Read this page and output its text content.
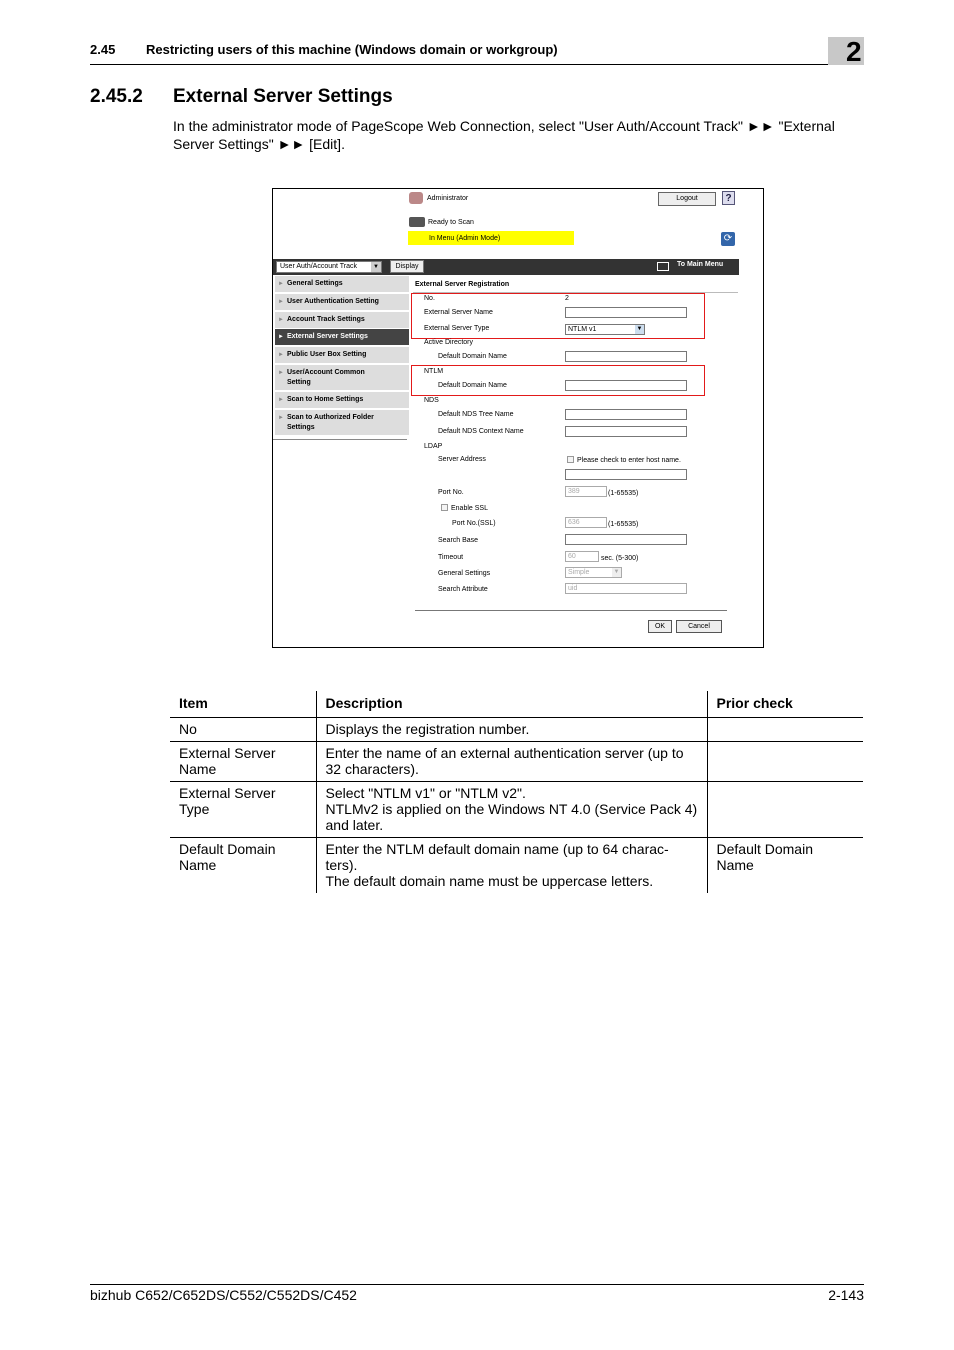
2.45 Restricting users of this machine (Windows domain or workgroup)	2
2.45.2 External Server Settings
In the administrator mode of PageScope Web Connection, select "User Auth/Account Track" ►► "External Server Settings" ►► [Edit].
Administrator	Logout	?
Ready to Scan
In Menu (Admin Mode)	⟳
User Auth/Account Track	▼	Display	To Main Menu
► General Settings
► User Authentication Setting
► Account Track Settings
► External Server Settings
► Public User Box Setting
► User/Account Common Setting
► Scan to Home Settings
► Scan to Authorized Folder Settings
External Server Registration
No.	2
External Server Name
External Server Type	NTLM v1	▼
Active Directory
Default Domain Name
NTLM
Default Domain Name
NDS
Default NDS Tree Name
Default NDS Context Name
LDAP
Server Address	Please check to enter host name.
Port No.	389	(1-65535)
Enable SSL
Port No.(SSL)	636	(1-65535)
Search Base
Timeout	60	sec. (5-300)
General Settings	Simple	▼
Search Attribute	uid
OK	Cancel
Item	Description	Prior check
No	Displays the registration number.	

External Server Name	Enter the name of an external authentication server (up to 32 characters).	

External Server Type	Select "NTLM v1" or "NTLM v2".
NTLMv2 is applied on the Windows NT 4.0 (Service Pack 4) and later.	

Default Domain Name	Enter the NTLM default domain name (up to 64 charac-ters).
The default domain name must be uppercase letters.	Default Domain Name
bizhub C652/C652DS/C552/C552DS/C452	2-143
